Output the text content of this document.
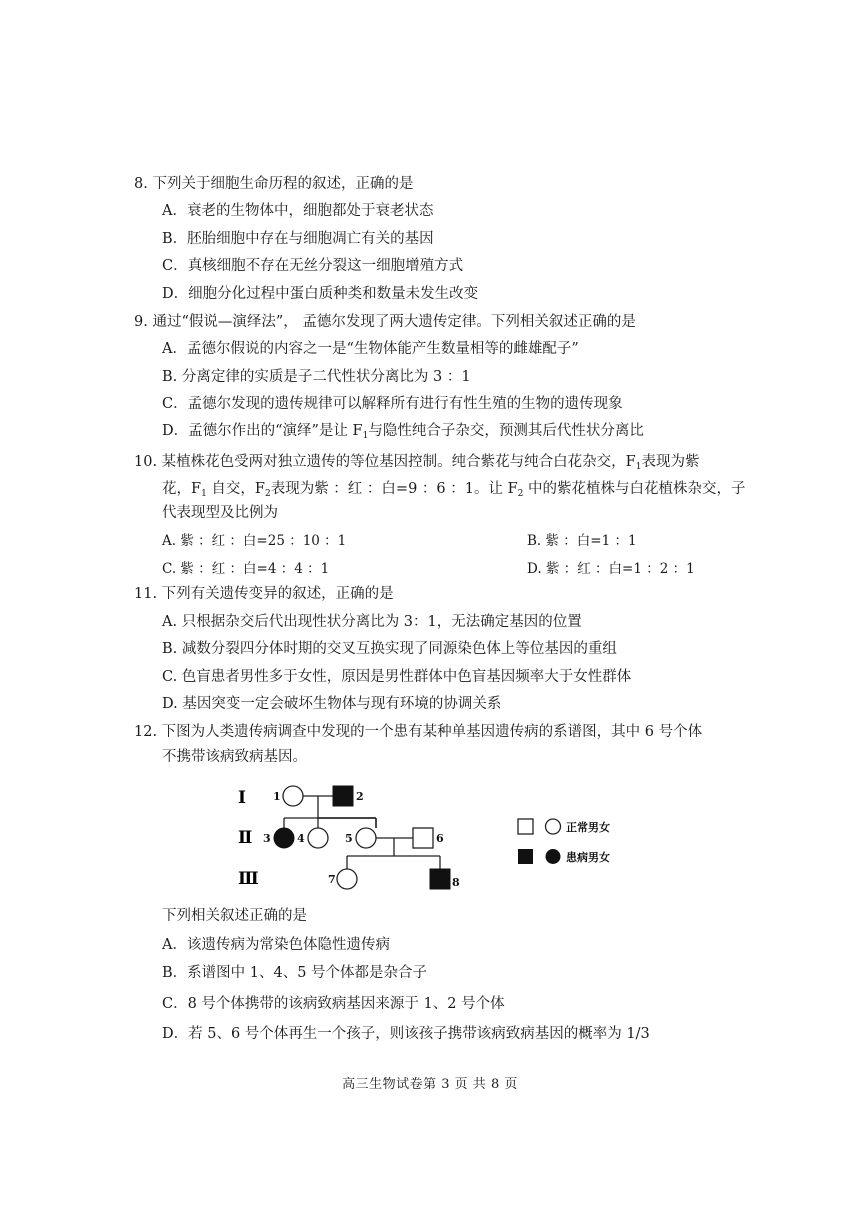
8. 下列关于细胞生命历程的叙述，正确的是
A．衰老的生物体中，细胞都处于衰老状态
B．胚胎细胞中存在与细胞凋亡有关的基因
C．真核细胞不存在无丝分裂这一细胞增殖方式
D．细胞分化过程中蛋白质种类和数量未发生改变
9. 通过“假说—演绎法”， 孟德尔发现了两大遗传定律。下列相关叙述正确的是
A．孟德尔假说的内容之一是“生物体能产生数量相等的雌雄配子”
B. 分离定律的实质是子二代性状分离比为 3 ：1
C．孟德尔发现的遗传规律可以解释所有进行有性生殖的生物的遗传现象
D．孟德尔作出的“演绎”是让 $F_1$与隐性纯合子杂交，预测其后代性状分离比
10. 某植株花色受两对独立遗传的等位基因控制。纯合紫花与纯合白花杂交，$F_1$表现为紫
花，$F_1$ 自交，$F_2$表现为紫 ：红 ：白=9 ：6 ：1。让 $F_2$ 中的紫花植株与白花植株杂交，子
代表现型及比例为
A. 紫 ：红 ：白=25 ：10 ：1	B. 紫 ：白=1 ：1
C. 紫 ：红 ：白=4 ：4 ：1	D. 紫 ：红 ：白=1 ：2 ：1
11. 下列有关遗传变异的叙述，正确的是
A. 只根据杂交后代出现性状分离比为 3：1，无法确定基因的位置
B. 减数分裂四分体时期的交叉互换实现了同源染色体上等位基因的重组
C. 色盲患者男性多于女性，原因是男性群体中色盲基因频率大于女性群体
D. 基因突变一定会破坏生物体与现有环境的协调关系
12. 下图为人类遗传病调查中发现的一个患有某种单基因遗传病的系谱图，其中 6 号个体
不携带该病致病基因。
Ⅰ
Ⅱ
Ⅲ
1	2
3 4	5	6
7	8
正常男女
患病男女
下列相关叙述正确的是
A．该遗传病为常染色体隐性遗传病
B．系谱图中 1、4、5 号个体都是杂合子
C．8 号个体携带的该病致病基因来源于 1、2 号个体
D．若 5、6 号个体再生一个孩子，则该孩子携带该病致病基因的概率为 1/3
高三生物试卷第 3 页 共 8 页
